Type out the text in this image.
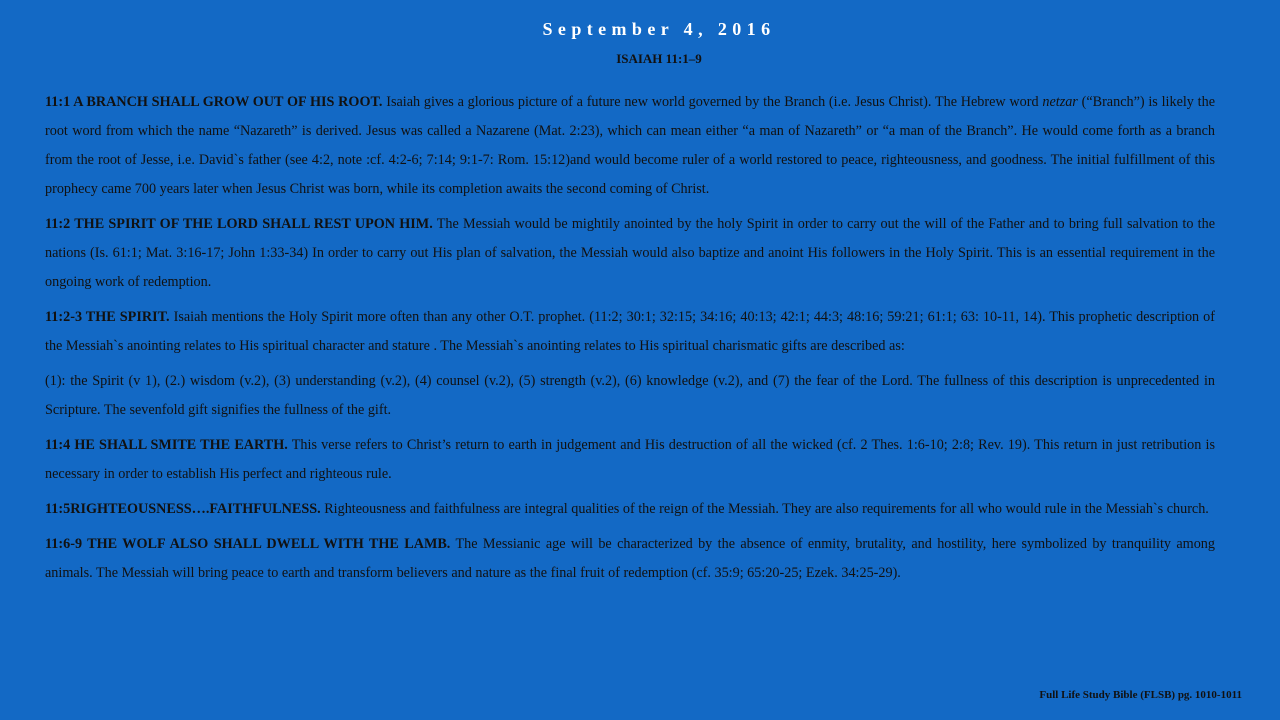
September 4, 2016
ISAIAH 11:1–9

11:1 A BRANCH SHALL GROW OUT OF HIS ROOT. Isaiah gives a glorious picture of a future new world governed by the Branch (i.e. Jesus Christ). The Hebrew word netzar (“Branch”) is likely the root word from which the name “Nazareth” is derived. Jesus was called a Nazarene (Mat. 2:23), which can mean either “a man of Nazareth” or “a man of the Branch”. He would come forth as a branch from the root of Jesse, i.e. David`s father (see 4:2, note :cf. 4:2-6; 7:14; 9:1-7: Rom. 15:12)and would become ruler of a world restored to peace, righteousness, and goodness. The initial fulfillment of this prophecy came 700 years later when Jesus Christ was born, while its completion awaits the second coming of Christ.

11:2 THE SPIRIT OF THE LORD SHALL REST UPON HIM. The Messiah would be mightily anointed by the holy Spirit in order to carry out the will of the Father and to bring full salvation to the nations (Is. 61:1; Mat. 3:16-17; John 1:33-34) In order to carry out His plan of salvation, the Messiah would also baptize and anoint His followers in the Holy Spirit. This is an essential requirement in the ongoing work of redemption.

11:2-3 THE SPIRIT. Isaiah mentions the Holy Spirit more often than any other O.T. prophet. (11:2; 30:1; 32:15; 34:16; 40:13; 42:1; 44:3; 48:16; 59:21; 61:1; 63: 10-11, 14). This prophetic description of the Messiah`s anointing relates to His spiritual character and stature . The Messiah`s anointing relates to His spiritual charismatic gifts are described as:

(1): the Spirit (v 1), (2.) wisdom (v.2), (3) understanding (v.2), (4) counsel (v.2), (5) strength (v.2), (6) knowledge (v.2), and (7) the fear of the Lord. The fullness of this description is unprecedented in Scripture. The sevenfold gift signifies the fullness of the gift.

11:4 HE SHALL SMITE THE EARTH. This verse refers to Christ’s return to earth in judgement and His destruction of all the wicked (cf. 2 Thes. 1:6-10; 2:8; Rev. 19). This return in just retribution is necessary in order to establish His perfect and righteous rule.

11:5RIGHTEOUSNESS….FAITHFULNESS. Righteousness and faithfulness are integral qualities of the reign of the Messiah. They are also requirements for all who would rule in the Messiah`s church.

11:6-9 THE WOLF ALSO SHALL DWELL WITH THE LAMB. The Messianic age will be characterized by the absence of enmity, brutality, and hostility, here symbolized by tranquility among animals. The Messiah will bring peace to earth and transform believers and nature as the final fruit of redemption (cf. 35:9; 65:20-25; Ezek. 34:25-29).

Full Life Study Bible (FLSB) pg. 1010-1011
